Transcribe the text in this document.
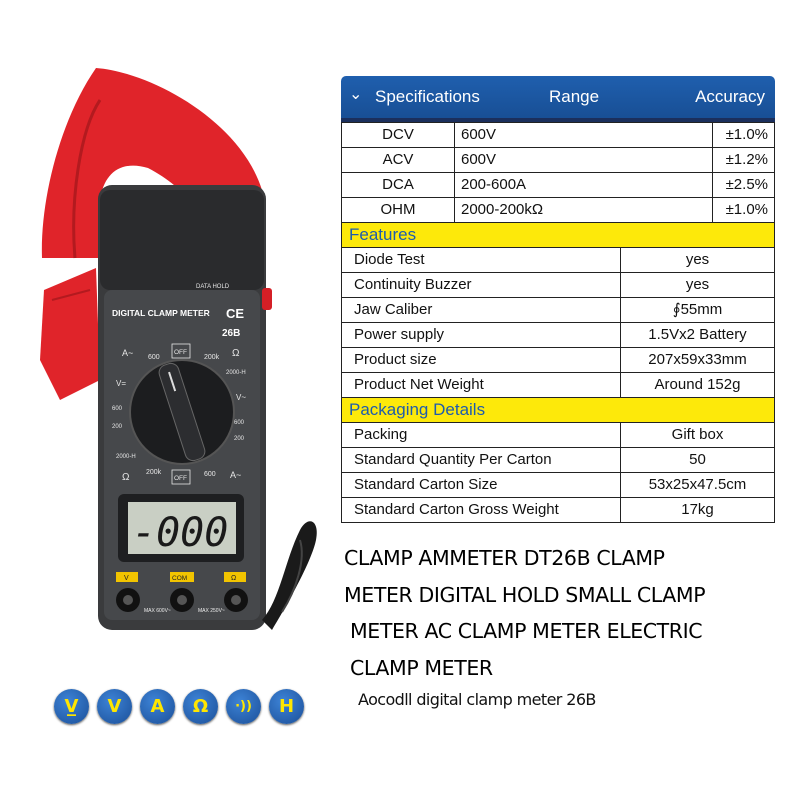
DATA HOLD
DIGITAL CLAMP METER CE
26B
A~ 600
OFF
200k Ω
2000-H
V=
600
200
V~
600
200
2000-H
Ω 200k
OFF
600 A~
-000
V	COM	Ω
MAX 600V~	MAX 250V~
⌄ Specifications	Range	Accuracy
DCV	600V	±1.0%
ACV	600V	±1.2%
DCA	200-600A	±2.5%
OHM	2000-200kΩ	±1.0%
Features
Diode Test	yes
Continuity Buzzer	yes
Jaw Caliber	∮55mm
Power supply	1.5Vx2 Battery
Product size	207x59x33mm
Product Net Weight	Around 152g
Packaging Details
Packing	Gift box
Standard Quantity Per Carton	50
Standard Carton Size	53x25x47.5cm
Standard Carton Gross Weight	17kg
CLAMP AMMETER DT26B CLAMP
METER DIGITAL HOLD SMALL CLAMP
METER AC CLAMP METER ELECTRIC
CLAMP METER
Aocodll digital clamp meter 26B
V̲	V	A	Ω	·))	H
